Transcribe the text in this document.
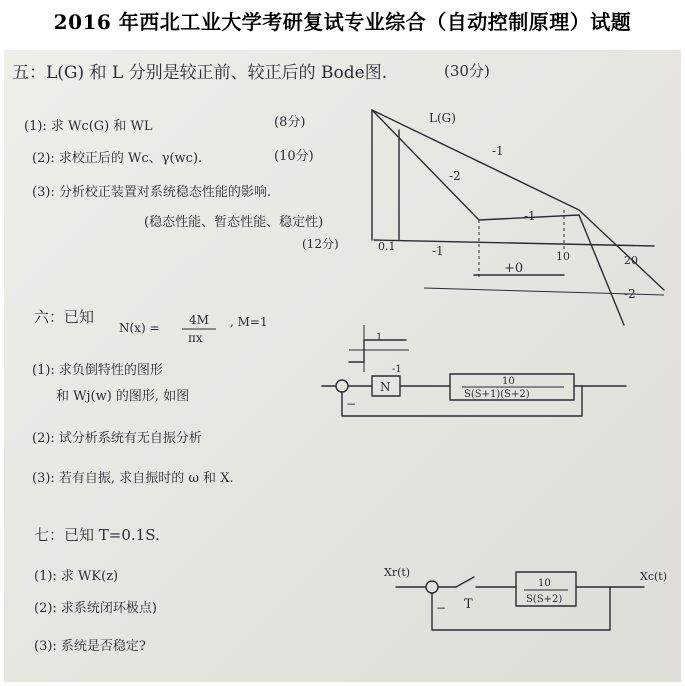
2016 年西北工业大学考研复试专业综合（自动控制原理）试题
五：L(G) 和 L 分别是较正前、较正后的 Bode图.	(30分)
(1): 求 Wc(G) 和 WL	(8分)
(2): 求校正后的 Wc、γ(wc).	(10分)
(3): 分析校正装置对系统稳态性能的影响.
(稳态性能、暂态性能、稳定性)
(12分)
L(G)
-1
-2
-1
-1
-2
0.1
10	20
+0
六：已知
N(x) =
4M
πx
, M=1
(1): 求负倒特性的图形
和 Wj(w) 的图形, 如图
(2): 试分析系统有无自振分析
(3): 若有自振, 求自振时的 ω 和 X.
1
-1
N	10
S(S+1)(S+2)
−
七：已知 T=0.1S.
(1): 求 WK(z)
(2): 求系统闭环极点)
(3): 系统是否稳定?
Xr(t)
T
10
S(S+2)
Xc(t)
−
